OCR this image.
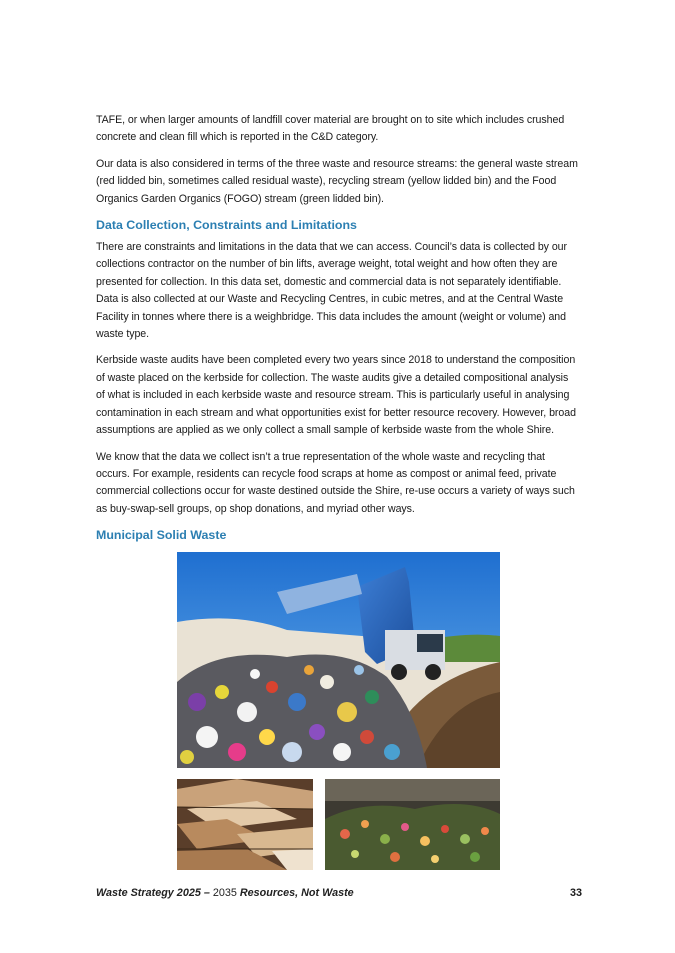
TAFE, or when larger amounts of landfill cover material are brought on to site which includes crushed concrete and clean fill which is reported in the C&D category.

Our data is also considered in terms of the three waste and resource streams: the general waste stream (red lidded bin, sometimes called residual waste), recycling stream (yellow lidded bin) and the Food Organics Garden Organics (FOGO) stream (green lidded bin).

Data Collection, Constraints and Limitations

There are constraints and limitations in the data that we can access. Council’s data is collected by our collections contractor on the number of bin lifts, average weight, total weight and how often they are presented for collection. In this data set, domestic and commercial data is not separately identifiable. Data is also collected at our Waste and Recycling Centres, in cubic metres, and at the Central Waste Facility in tonnes where there is a weighbridge. This data includes the amount (weight or volume) and waste type.

Kerbside waste audits have been completed every two years since 2018 to understand the composition of waste placed on the kerbside for collection. The waste audits give a detailed compositional analysis of what is included in each kerbside waste and resource stream. This is particularly useful in analysing contamination in each stream and what opportunities exist for better resource recovery. However, broad assumptions are applied as we only collect a small sample of kerbside waste from the whole Shire.

We know that the data we collect isn’t a true representation of the whole waste and recycling that occurs. For example, residents can recycle food scraps at home as compost or animal feed, private commercial collections occur for waste destined outside the Shire, re-use occurs a variety of ways such as buy-swap-sell groups, op shop donations, and myriad other ways.

Municipal Solid Waste
Waste Strategy 2025 – 2035 Resources, Not Waste	33
